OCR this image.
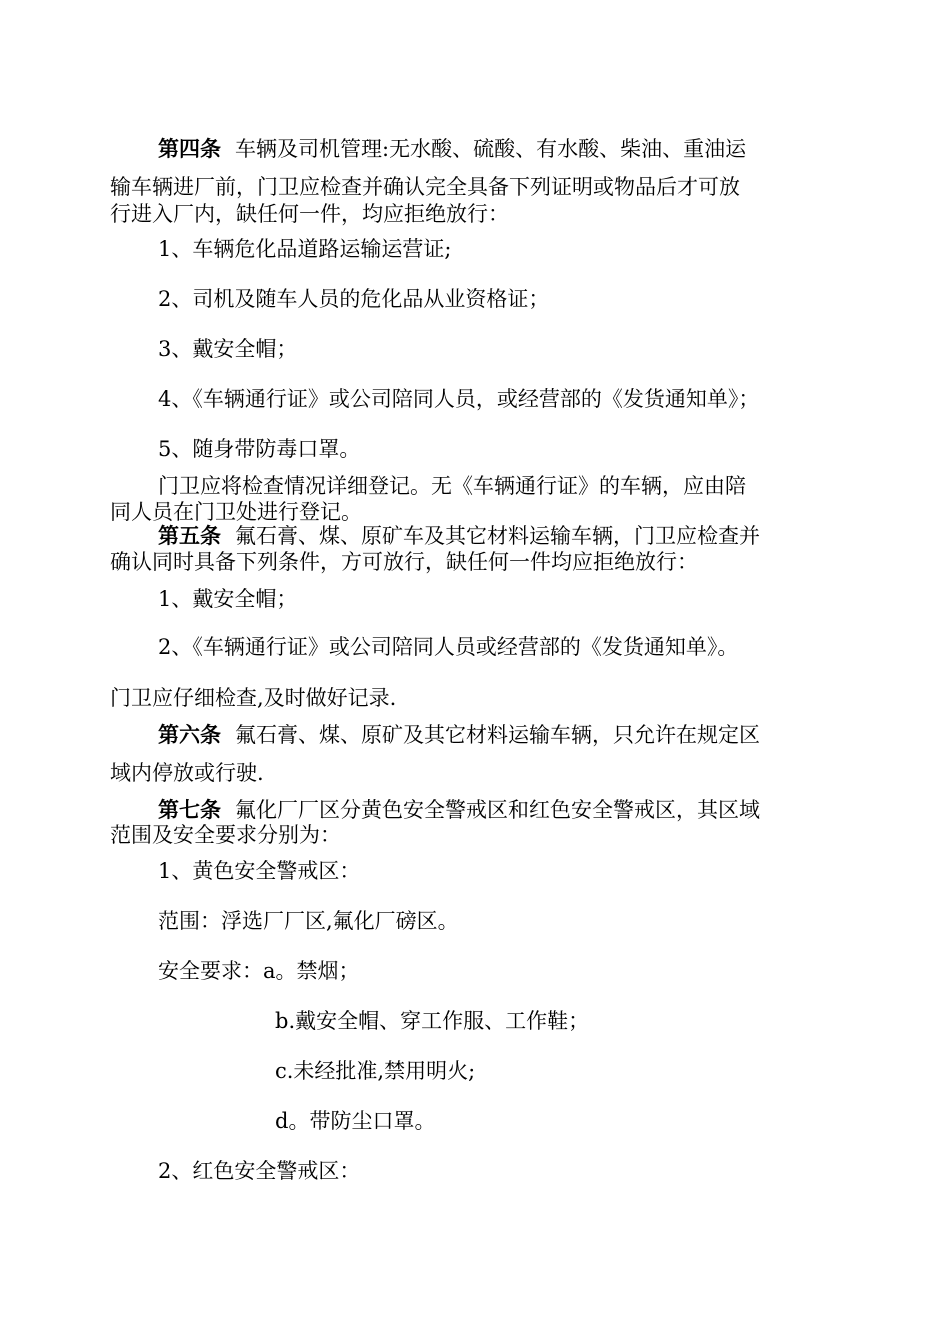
第四条 车辆及司机管理:无水酸、硫酸、有水酸、柴油、重油运

输车辆进厂前，门卫应检查并确认完全具备下列证明或物品后才可放

行进入厂内，缺任何一件，均应拒绝放行：

1、车辆危化品道路运输运营证;

2、司机及随车人员的危化品从业资格证；

3、戴安全帽；

4、《车辆通行证》或公司陪同人员，或经营部的《发货通知单》；

5、随身带防毒口罩。

门卫应将检查情况详细登记。无《车辆通行证》的车辆，应由陪

同人员在门卫处进行登记。

第五条 氟石膏、煤、原矿车及其它材料运输车辆，门卫应检查并

确认同时具备下列条件，方可放行，缺任何一件均应拒绝放行：

1、戴安全帽；

2、《车辆通行证》或公司陪同人员或经营部的《发货通知单》。

门卫应仔细检查,及时做好记录.

第六条 氟石膏、煤、原矿及其它材料运输车辆，只允许在规定区

域内停放或行驶.

第七条 氟化厂厂区分黄色安全警戒区和红色安全警戒区，其区域

范围及安全要求分别为：

1、黄色安全警戒区：

范围：浮选厂厂区,氟化厂磅区。

安全要求：a。禁烟；

b.戴安全帽、穿工作服、工作鞋；

c.未经批准,禁用明火;

d。带防尘口罩。

2、红色安全警戒区：
